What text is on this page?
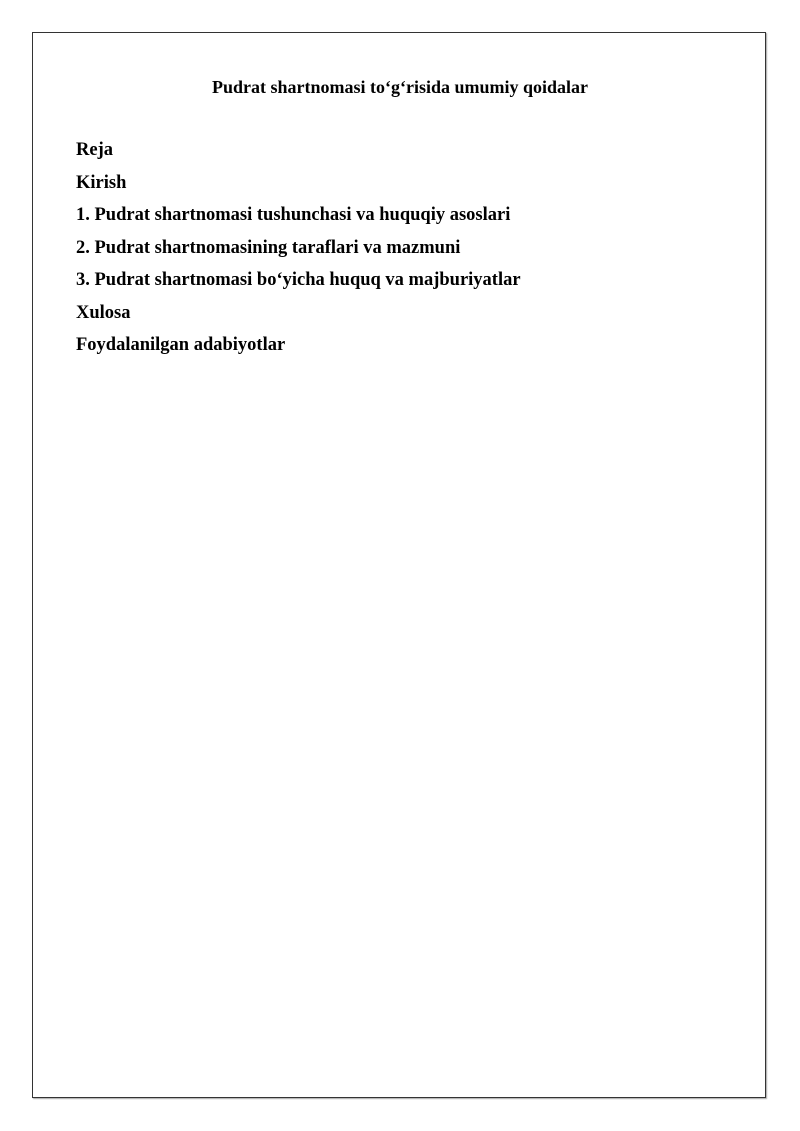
Pudrat shartnomasi to‘g‘risida umumiy qoidalar
Reja
Kirish
1. Pudrat shartnomasi tushunchasi va huquqiy asoslari
2. Pudrat shartnomasining taraflari va mazmuni
3. Pudrat shartnomasi bo‘yicha huquq va majburiyatlar
Xulosa
Foydalanilgan adabiyotlar
